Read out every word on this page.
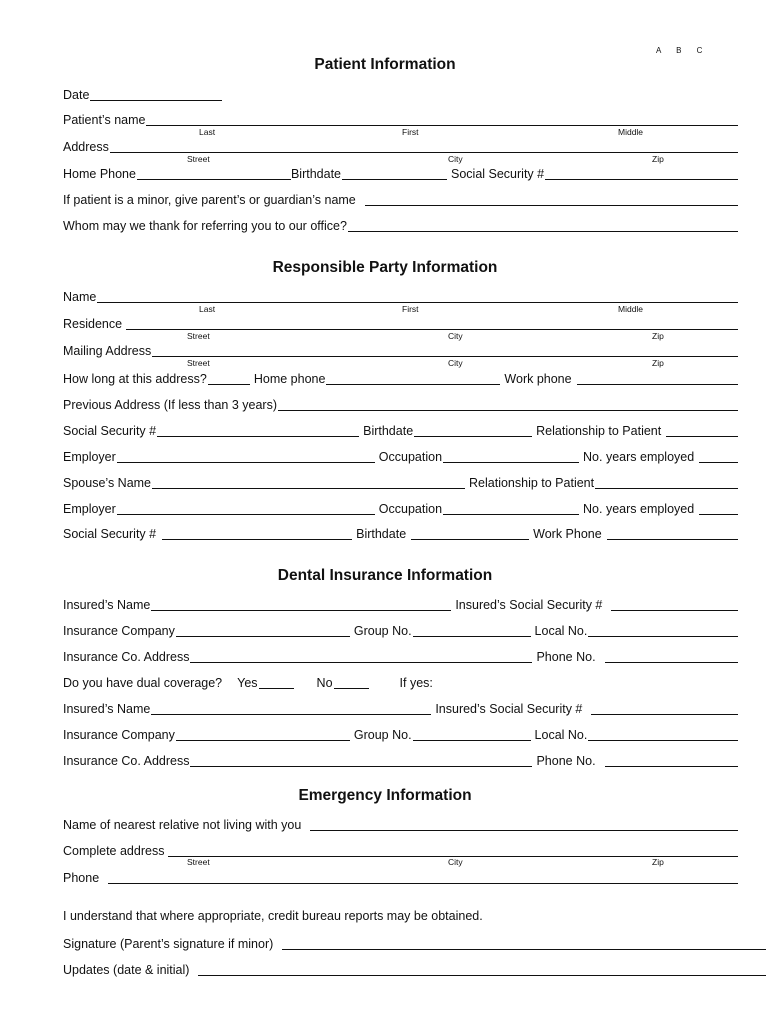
A B C
Patient Information
Date
Patient’s name
Last	First	Middle
Address
Street	City	Zip
Home Phone	Birthdate	Social Security #
If patient is a minor, give parent’s or guardian’s name
Whom may we thank for referring you to our office?
Responsible Party Information
Name
Last	First	Middle
Residence
Street	City	Zip
Mailing Address
Street	City	Zip
How long at this address?	Home phone	Work phone
Previous Address (If less than 3 years)
Social Security #	Birthdate	Relationship to Patient
Employer	Occupation	No. years employed
Spouse’s Name	Relationship to Patient
Employer	Occupation	No. years employed
Social Security #	Birthdate	Work Phone
Dental Insurance Information
Insured’s Name	Insured’s Social Security #
Insurance Company	Group No.	Local No.
Insurance Co. Address	Phone No.
Do you have dual coverage?	Yes	No	If yes:
Insured’s Name	Insured’s Social Security #
Insurance Company	Group No.	Local No.
Insurance Co. Address	Phone No.
Emergency Information
Name of nearest relative not living with you
Complete address
Street	City	Zip
Phone
I understand that where appropriate, credit bureau reports may be obtained.
Signature (Parent’s signature if minor)
Updates (date & initial)
